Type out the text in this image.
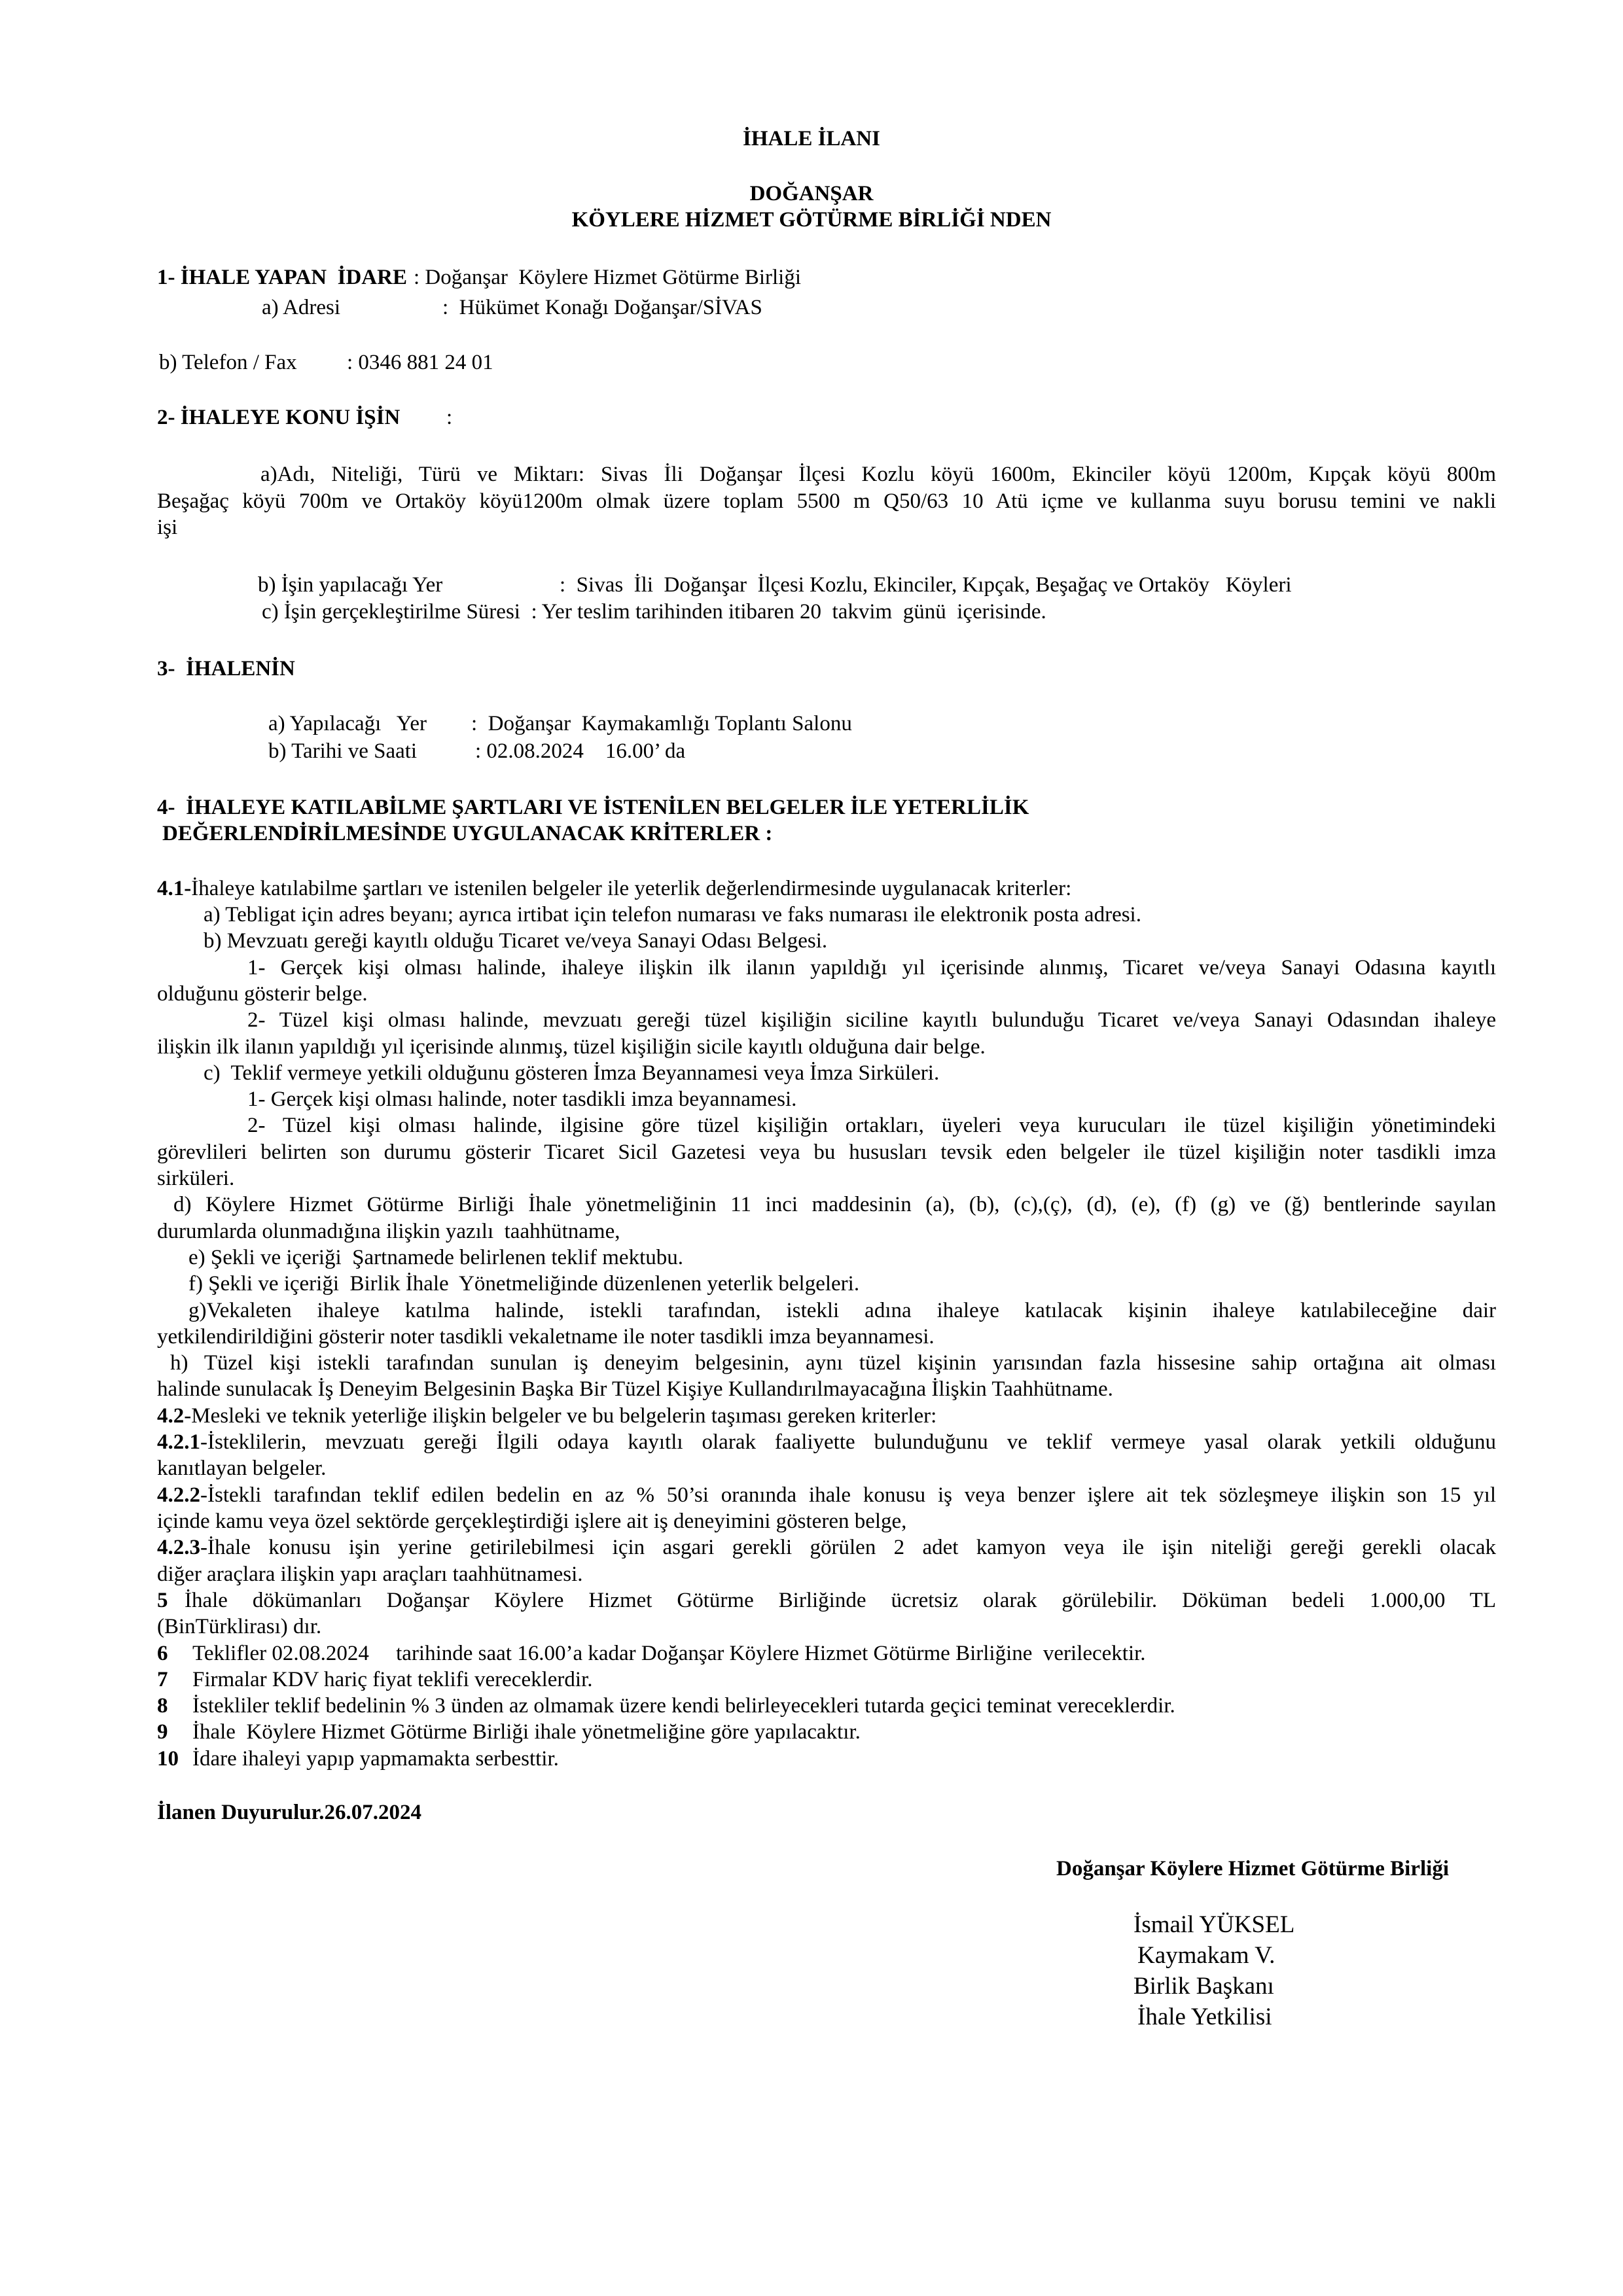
İHALE İLANI
DOĞANŞAR
KÖYLERE HİZMET GÖTÜRME BİRLİĞİ NDEN
1- İHALE YAPAN  İDARE : Doğanşar  Köylere Hizmet Götürme Birliği
a) Adresi	:  Hükümet Konağı Doğanşar/SİVAS
b) Telefon / Fax : 0346 881 24 01
2- İHALEYE KONU İŞİN :
a)Adı, Niteliği, Türü ve Miktarı: Sivas İli Doğanşar İlçesi Kozlu köyü 1600m, Ekinciler köyü 1200m, Kıpçak köyü 800m
Beşağaç köyü 700m ve Ortaköy köyü1200m olmak üzere toplam 5500 m Q50/63 10 Atü içme ve kullanma suyu borusu temini ve nakli
işi
b) İşin yapılacağı Yer	:  Sivas  İli  Doğanşar  İlçesi Kozlu, Ekinciler, Kıpçak, Beşağaç ve Ortaköy   Köyleri
c) İşin gerçekleştirilme Süresi  : Yer teslim tarihinden itibaren 20  takvim  günü  içerisinde.
3-  İHALENİN
a) Yapılacağı   Yer :  Doğanşar  Kaymakamlığı Toplantı Salonu
b) Tarihi ve Saati	: 02.08.2024    16.00’ da
4-  İHALEYE KATILABİLME ŞARTLARI VE İSTENİLEN BELGELER İLE YETERLİLİK
DEĞERLENDİRİLMESİNDE UYGULANACAK KRİTERLER :
4.1-İhaleye katılabilme şartları ve istenilen belgeler ile yeterlik değerlendirmesinde uygulanacak kriterler:
a) Tebligat için adres beyanı; ayrıca irtibat için telefon numarası ve faks numarası ile elektronik posta adresi.
b) Mevzuatı gereği kayıtlı olduğu Ticaret ve/veya Sanayi Odası Belgesi.
1- Gerçek kişi olması halinde, ihaleye ilişkin ilk ilanın yapıldığı yıl içerisinde alınmış, Ticaret ve/veya Sanayi Odasına kayıtlı
olduğunu gösterir belge.
2- Tüzel kişi olması halinde, mevzuatı gereği tüzel kişiliğin siciline kayıtlı bulunduğu Ticaret ve/veya Sanayi Odasından ihaleye
ilişkin ilk ilanın yapıldığı yıl içerisinde alınmış, tüzel kişiliğin sicile kayıtlı olduğuna dair belge.
c)  Teklif vermeye yetkili olduğunu gösteren İmza Beyannamesi veya İmza Sirküleri.
1- Gerçek kişi olması halinde, noter tasdikli imza beyannamesi.
2- Tüzel kişi olması halinde, ilgisine göre tüzel kişiliğin ortakları, üyeleri veya kurucuları ile tüzel kişiliğin yönetimindeki
görevlileri belirten son durumu gösterir Ticaret Sicil Gazetesi veya bu hususları tevsik eden belgeler ile tüzel kişiliğin noter tasdikli imza
sirküleri.
d) Köylere Hizmet Götürme Birliği İhale yönetmeliğinin 11 inci maddesinin (a), (b), (c),(ç), (d), (e), (f) (g) ve (ğ) bentlerinde sayılan
durumlarda olunmadığına ilişkin yazılı  taahhütname,
e) Şekli ve içeriği  Şartnamede belirlenen teklif mektubu.
f) Şekli ve içeriği  Birlik İhale  Yönetmeliğinde düzenlenen yeterlik belgeleri.
g)Vekaleten ihaleye katılma halinde, istekli tarafından, istekli adına ihaleye katılacak kişinin ihaleye katılabileceğine dair
yetkilendirildiğini gösterir noter tasdikli vekaletname ile noter tasdikli imza beyannamesi.
h) Tüzel kişi istekli tarafından sunulan iş deneyim belgesinin, aynı tüzel kişinin yarısından fazla hissesine sahip ortağına ait olması
halinde sunulacak İş Deneyim Belgesinin Başka Bir Tüzel Kişiye Kullandırılmayacağına İlişkin Taahhütname.
4.2-Mesleki ve teknik yeterliğe ilişkin belgeler ve bu belgelerin taşıması gereken kriterler:
4.2.1-İsteklilerin, mevzuatı gereği İlgili odaya kayıtlı olarak faaliyette bulunduğunu ve teklif vermeye yasal olarak yetkili olduğunu
kanıtlayan belgeler.
4.2.2-İstekli tarafından teklif edilen bedelin en az % 50’si oranında ihale konusu iş veya benzer işlere ait tek sözleşmeye ilişkin son 15 yıl
içinde kamu veya özel sektörde gerçekleştirdiği işlere ait iş deneyimini gösteren belge,
4.2.3-İhale konusu işin yerine getirilebilmesi için asgari gerekli görülen 2 adet kamyon veya ile işin niteliği gereği gerekli olacak
diğer araçlara ilişkin yapı araçları taahhütnamesi.
5 İhale dökümanları Doğanşar Köylere Hizmet Götürme Birliğinde ücretsiz olarak görülebilir. Döküman bedeli 1.000,00 TL
(BinTürklirası) dır.
6 Teklifler 02.08.2024     tarihinde saat 16.00’a kadar Doğanşar Köylere Hizmet Götürme Birliğine  verilecektir.
7 Firmalar KDV hariç fiyat teklifi vereceklerdir.
8 İstekliler teklif bedelinin % 3 ünden az olmamak üzere kendi belirleyecekleri tutarda geçici teminat vereceklerdir.
9 İhale  Köylere Hizmet Götürme Birliği ihale yönetmeliğine göre yapılacaktır.
10 İdare ihaleyi yapıp yapmamakta serbesttir.
İlanen Duyurulur.26.07.2024
Doğanşar Köylere Hizmet Götürme Birliği
İsmail YÜKSEL
Kaymakam V.
Birlik Başkanı
İhale Yetkilisi
